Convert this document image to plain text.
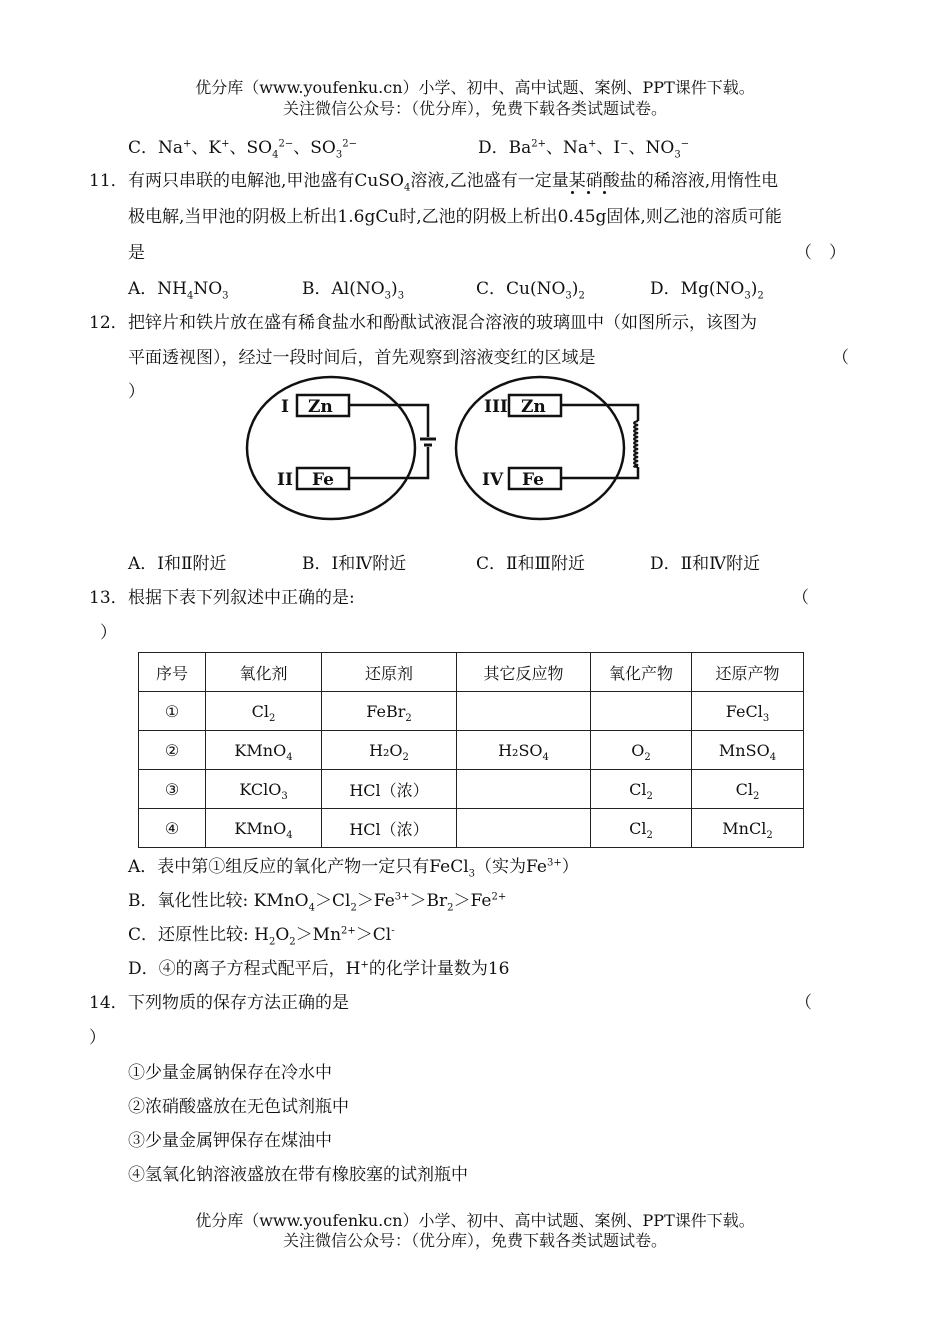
优分库（www.youfenku.cn）小学、初中、高中试题、案例、PPT课件下载。
关注微信公众号：（优分库），免费下载各类试题试卷。
C．Na+、K+、$SO_4^{2-}$、$SO_3^{2-}$	D．$Ba^{2+}$、Na+、I−、$NO_3^-$
11． 有两只串联的电解池,甲池盛有CuSO$_4$溶液,乙池盛有一定量某硝酸盐的稀溶液,用惰性电
极电解,当甲池的阴极上析出1.6gCu时,乙池的阴极上析出0.45g固体,则乙池的溶质可能
是	（　）
A．$NH_4NO_3$	B．$Al(NO_3)_3$	C．$Cu(NO_3)_2$	D．$Mg(NO_3)_2$
12． 把锌片和铁片放在盛有稀食盐水和酚酞试液混合溶液的玻璃皿中（如图所示，该图为
平面透视图），经过一段时间后，首先观察到溶液变红的区域是	（
）
I Zn
II Fe
III Zn
IV Fe
A．Ⅰ和Ⅱ附近	B．Ⅰ和Ⅳ附近	C．Ⅱ和Ⅲ附近	D．Ⅱ和Ⅳ附近
13． 根据下表下列叙述中正确的是:	（
）
序号	氧化剂	还原剂	其它反应物	氧化产物	还原产物
①	$Cl_2$	FeBr$_2$			FeCl$_3$
②	KMnO$_4$	$H_2O_2$	$H_2SO_4$	$O_2$	MnSO$_4$
③	KClO$_3$	HCl（浓）		$Cl_2$	$Cl_2$
④	KMnO$_4$	HCl（浓）		$Cl_2$	MnCl$_2$
A．表中第①组反应的氧化产物一定只有FeCl$_3$（实为$Fe^{3+}$）
B．氧化性比较: $KMnO_4>Cl_2>Fe^{3+}>Br_2>Fe^{2+}$
C．还原性比较: $H_2O_2>Mn^{2+}>Cl^-$
D．④的离子方程式配平后，H+的化学计量数为16
14． 下列物质的保存方法正确的是	（
）
①少量金属钠保存在冷水中
②浓硝酸盛放在无色试剂瓶中
③少量金属钾保存在煤油中
④氢氧化钠溶液盛放在带有橡胶塞的试剂瓶中
优分库（www.youfenku.cn）小学、初中、高中试题、案例、PPT课件下载。
关注微信公众号：（优分库），免费下载各类试题试卷。
